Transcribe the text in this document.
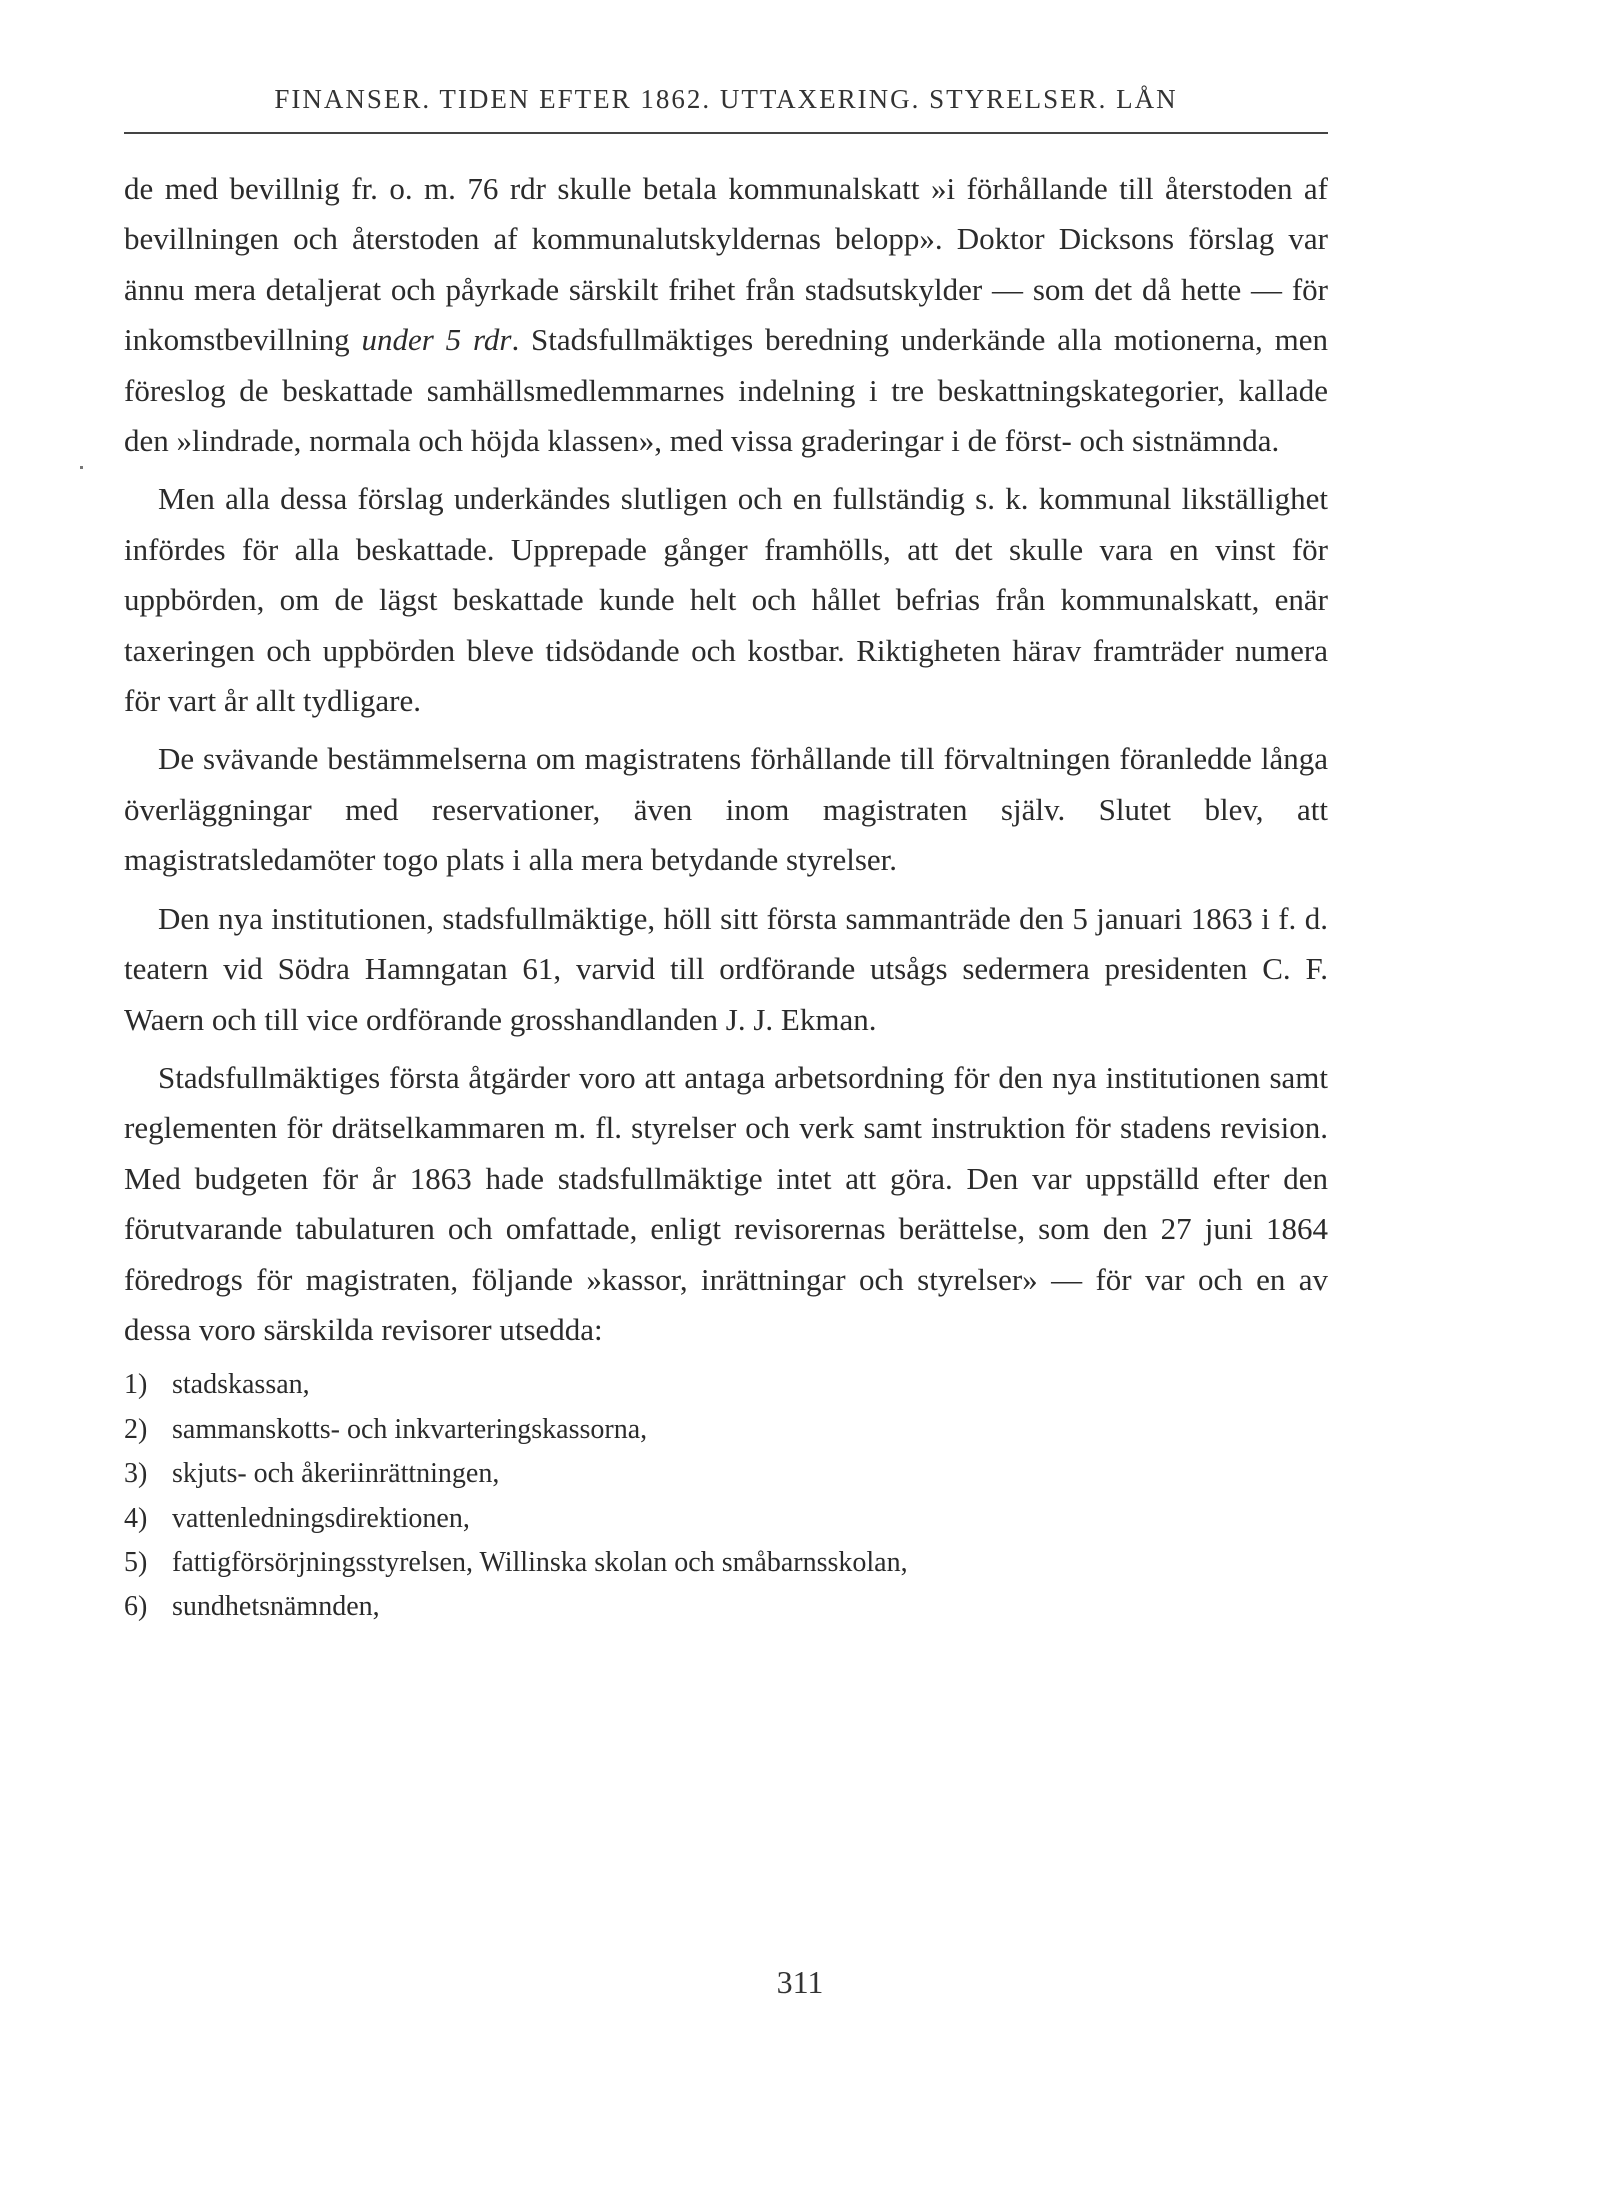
FINANSER. TIDEN EFTER 1862. UTTAXERING. STYRELSER. LÅN

de med bevillnig fr. o. m. 76 rdr skulle betala kommunalskatt »i förhållande till återstoden af bevillningen och återstoden af kommunalutskyldernas belopp». Doktor Dicksons förslag var ännu mera detaljerat och påyrkade särskilt frihet från stadsutskylder — som det då hette — för inkomstbevillning under 5 rdr. Stadsfullmäktiges beredning underkände alla motionerna, men föreslog de beskattade samhällsmedlemmarnes indelning i tre beskattningskategorier, kallade den »lindrade, normala och höjda klassen», med vissa graderingar i de först- och sistnämnda.

Men alla dessa förslag underkändes slutligen och en fullständig s. k. kommunal likställighet infördes för alla beskattade. Upprepade gånger framhölls, att det skulle vara en vinst för uppbörden, om de lägst beskattade kunde helt och hållet befrias från kommunalskatt, enär taxeringen och uppbörden bleve tidsödande och kostbar. Riktigheten härav framträder numera för vart år allt tydligare.

De svävande bestämmelserna om magistratens förhållande till förvaltningen föranledde långa överläggningar med reservationer, även inom magistraten själv. Slutet blev, att magistratsledamöter togo plats i alla mera betydande styrelser.

Den nya institutionen, stadsfullmäktige, höll sitt första sammanträde den 5 januari 1863 i f. d. teatern vid Södra Hamngatan 61, varvid till ordförande utsågs sedermera presidenten C. F. Waern och till vice ordförande grosshandlanden J. J. Ekman.

Stadsfullmäktiges första åtgärder voro att antaga arbetsordning för den nya institutionen samt reglementen för drätselkammaren m. fl. styrelser och verk samt instruktion för stadens revision. Med budgeten för år 1863 hade stadsfullmäktige intet att göra. Den var uppställd efter den förutvarande tabulaturen och omfattade, enligt revisorernas berättelse, som den 27 juni 1864 föredrogs för magistraten, följande »kassor, inrättningar och styrelser» — för var och en av dessa voro särskilda revisorer utsedda:

1) stadskassan,
2) sammanskotts- och inkvarteringskassorna,
3) skjuts- och åkeriinrättningen,
4) vattenledningsdirektionen,
5) fattigförsörjningsstyrelsen, Willinska skolan och småbarnsskolan,
6) sundhetsnämnden,
311
